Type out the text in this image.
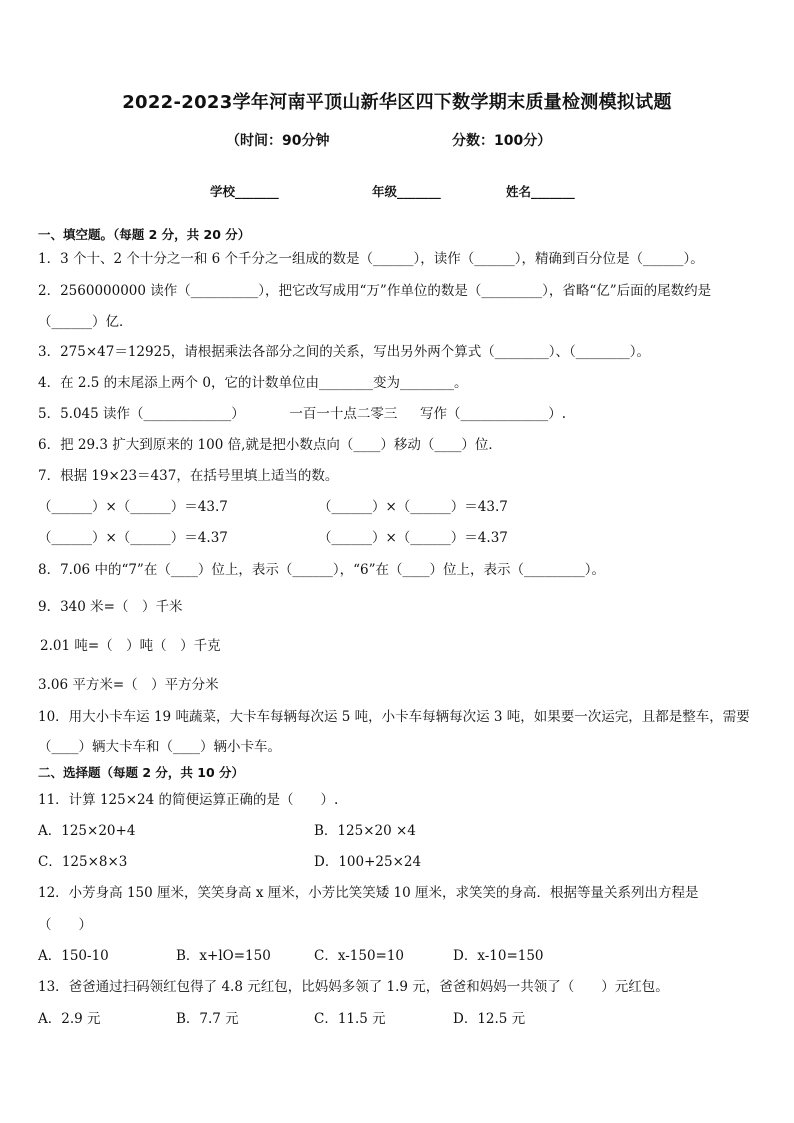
2022-2023学年河南平顶山新华区四下数学期末质量检测模拟试题
（时间：90分钟	分数：100分）
学校_______	年级_______	姓名_______
一、填空题。（每题 2 分，共 20 分）
1．3 个十、2 个十分之一和 6 个千分之一组成的数是（______），读作（______），精确到百分位是（______）。
2．2560000000 读作（__________），把它改写成用“万”作单位的数是（_________），省略“亿”后面的尾数约是
（______）亿．
3．275×47＝12925，请根据乘法各部分之间的关系，写出另外两个算式（________）、（________）。
4．在 2.5 的末尾添上两个 0，它的计数单位由________变为________。
5．5.045 读作（_____________）	一百一十点二零三 写作（_____________）.
6．把 29.3 扩大到原来的 100 倍,就是把小数点向（____）移动（____）位．
7．根据 19×23＝437，在括号里填上适当的数。
（______）×（______）＝43.7	（______）×（______）＝43.7
（______）×（______）＝4.37	（______）×（______）＝4.37
8．7.06 中的“7”在（____）位上，表示（______），“6”在（____）位上，表示（_________）。
9．340 米=（　）千米
2.01 吨=（　）吨（　）千克
3.06 平方米=（　）平方分米
10．用大小卡车运 19 吨蔬菜，大卡车每辆每次运 5 吨，小卡车每辆每次运 3 吨，如果要一次运完，且都是整车，需要
（____）辆大卡车和（____）辆小卡车。
二、选择题（每题 2 分，共 10 分）
11．计算 125×24 的简便运算正确的是（　　）.
A．125×20+4	B．125×20 ×4
C．125×8×3	D．100+25×24
12．小芳身高 150 厘米，笑笑身高 x 厘米，小芳比笑笑矮 10 厘米，求笑笑的身高．根据等量关系列出方程是
（　　）
A．150-10	B．x+lO=150	C．x-150=10	D．x-10=150
13．爸爸通过扫码领红包得了 4.8 元红包，比妈妈多领了 1.9 元，爸爸和妈妈一共领了（　　）元红包。
A．2.9 元	B．7.7 元	C．11.5 元	D．12.5 元
